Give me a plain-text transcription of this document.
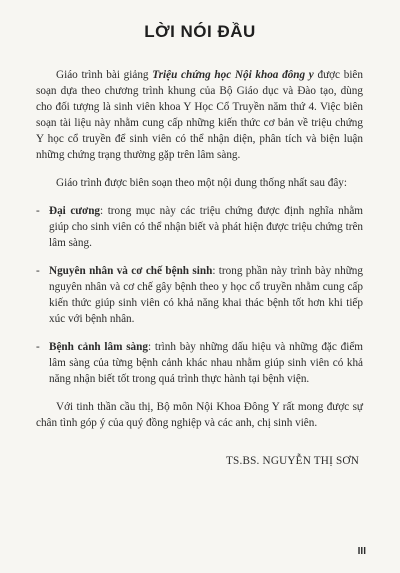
LỜI NÓI ĐẦU

Giáo trình bài giảng Triệu chứng học Nội khoa đông y được biên soạn dựa theo chương trình khung của Bộ Giáo dục và Đào tạo, dùng cho đối tượng là sinh viên khoa Y Học Cổ Truyền năm thứ 4. Việc biên soạn tài liệu này nhằm cung cấp những kiến thức cơ bản về triệu chứng Y học cổ truyền để sinh viên có thể nhận diện, phân tích và biện luận những chứng trạng thường gặp trên lâm sàng.

Giáo trình được biên soạn theo một nội dung thống nhất sau đây:

- Đại cương: trong mục này các triệu chứng được định nghĩa nhằm giúp cho sinh viên có thể nhận biết và phát hiện được triệu chứng trên lâm sàng.
- Nguyên nhân và cơ chế bệnh sinh: trong phần này trình bày những nguyên nhân và cơ chế gây bệnh theo y học cổ truyền nhằm cung cấp kiến thức giúp sinh viên có khả năng khai thác bệnh tốt hơn khi tiếp xúc với bệnh nhân.
- Bệnh cảnh lâm sàng: trình bày những dấu hiệu và những đặc điểm lâm sàng của từng bệnh cảnh khác nhau nhằm giúp sinh viên có khả năng nhận biết tốt trong quá trình thực hành tại bệnh viện.

Với tinh thần cầu thị, Bộ môn Nội Khoa Đông Y rất mong được sự chân tình góp ý của quý đồng nghiệp và các anh, chị sinh viên.

TS.BS. NGUYỄN THỊ SƠN
III
